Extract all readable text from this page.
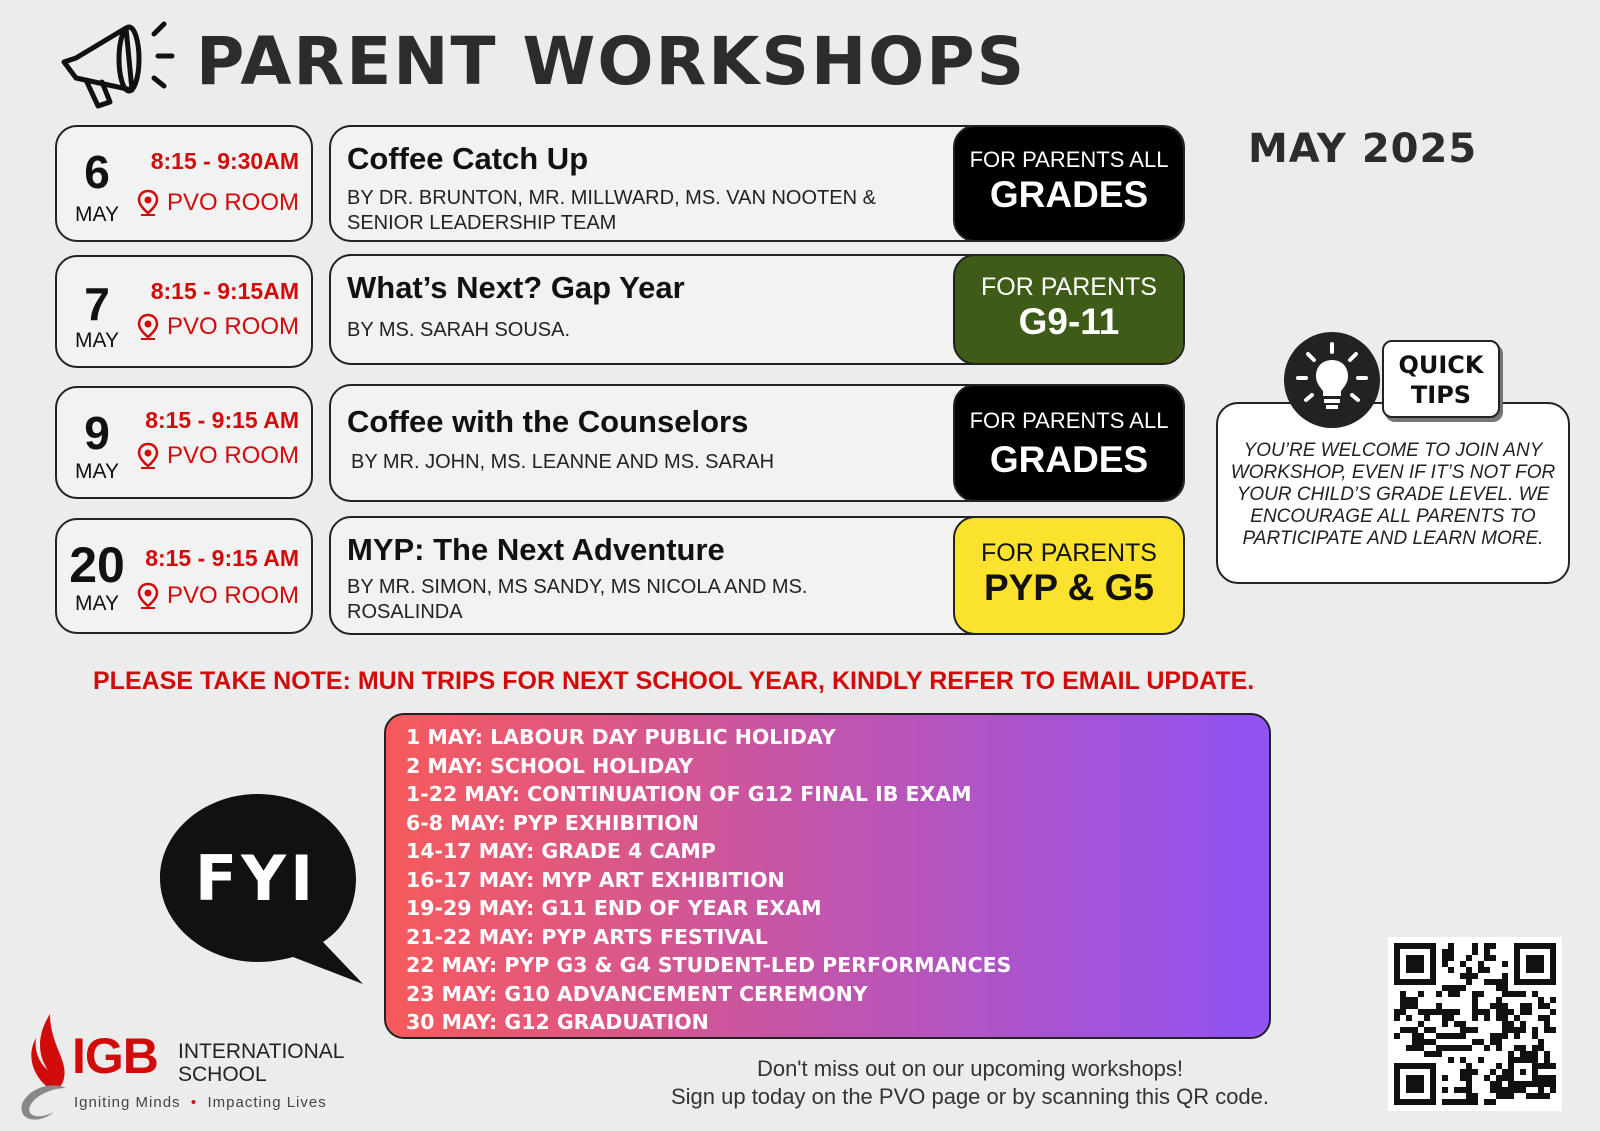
PARENT WORKSHOPS
MAY 2025
6
MAY
8:15 - 9:30AM
PVO ROOM
Coffee Catch Up
BY DR. BRUNTON, MR. MILLWARD, MS. VAN NOOTEN & SENIOR LEADERSHIP TEAM
FOR PARENTS ALL
GRADES
7
MAY
8:15 - 9:15AM
PVO ROOM
What’s Next? Gap Year
BY MS. SARAH SOUSA.
FOR PARENTS
G9-11
9
MAY
8:15 - 9:15 AM
PVO ROOM
Coffee with the Counselors
BY MR. JOHN, MS. LEANNE AND MS. SARAH
FOR PARENTS ALL
GRADES
20
MAY
8:15 - 9:15 AM
PVO ROOM
MYP: The Next Adventure
BY MR. SIMON, MS SANDY, MS NICOLA AND MS. ROSALINDA
FOR PARENTS
PYP & G5
YOU’RE WELCOME TO JOIN ANY WORKSHOP, EVEN IF IT’S NOT FOR YOUR CHILD’S GRADE LEVEL. WE ENCOURAGE ALL PARENTS TO PARTICIPATE AND LEARN MORE.
QUICK
TIPS
PLEASE TAKE NOTE: MUN TRIPS FOR NEXT SCHOOL YEAR, KINDLY REFER TO EMAIL UPDATE.
FYI
1 MAY: LABOUR DAY PUBLIC HOLIDAY
2 MAY: SCHOOL HOLIDAY
1-22 MAY: CONTINUATION OF G12 FINAL IB EXAM
6-8 MAY: PYP EXHIBITION
14-17 MAY: GRADE 4 CAMP
16-17 MAY: MYP ART EXHIBITION
19-29 MAY: G11 END OF YEAR EXAM
21-22 MAY: PYP ARTS FESTIVAL
22 MAY: PYP G3 & G4 STUDENT-LED PERFORMANCES
23 MAY: G10 ADVANCEMENT CEREMONY
30 MAY: G12 GRADUATION
IGB INTERNATIONAL
SCHOOL
Igniting Minds  •  Impacting Lives
Don't miss out on our upcoming workshops!
Sign up today on the PVO page or by scanning this QR code.
